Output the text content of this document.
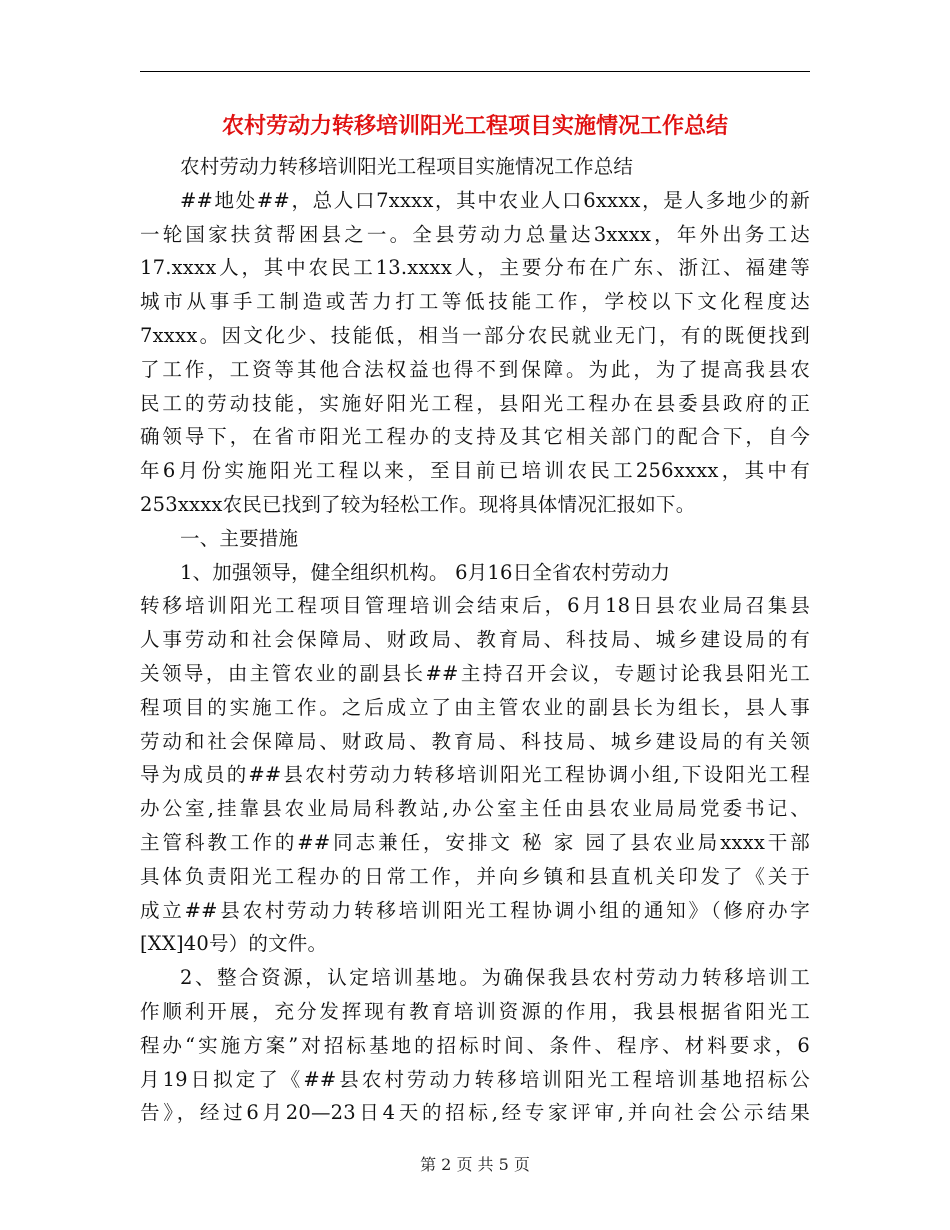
农村劳动力转移培训阳光工程项目实施情况工作总结
农村劳动力转移培训阳光工程项目实施情况工作总结
##地处##，总人口7xxxx，其中农业人口6xxxx，是人多地少的新
一轮国家扶贫帮困县之一。全县劳动力总量达3xxxx，年外出务工达
17.xxxx人，其中农民工13.xxxx人，主要分布在广东、浙江、福建等
城市从事手工制造或苦力打工等低技能工作，学校以下文化程度达
7xxxx。因文化少、技能低，相当一部分农民就业无门，有的既便找到
了工作，工资等其他合法权益也得不到保障。为此，为了提高我县农
民工的劳动技能，实施好阳光工程，县阳光工程办在县委县政府的正
确领导下，在省市阳光工程办的支持及其它相关部门的配合下，自今
年6月份实施阳光工程以来，至目前已培训农民工256xxxx，其中有
253xxxx农民已找到了较为轻松工作。现将具体情况汇报如下。
一、主要措施
1、加强领导，健全组织机构。 6月16日全省农村劳动力
转移培训阳光工程项目管理培训会结束后，6月18日县农业局召集县
人事劳动和社会保障局、财政局、教育局、科技局、城乡建设局的有
关领导，由主管农业的副县长##主持召开会议，专题讨论我县阳光工
程项目的实施工作。之后成立了由主管农业的副县长为组长，县人事
劳动和社会保障局、财政局、教育局、科技局、城乡建设局的有关领
导为成员的##县农村劳动力转移培训阳光工程协调小组,下设阳光工程
办公室,挂靠县农业局局科教站,办公室主任由县农业局局党委书记、
主管科教工作的##同志兼任，安排文 秘 家 园了县农业局xxxx干部
具体负责阳光工程办的日常工作，并向乡镇和县直机关印发了《关于
成立##县农村劳动力转移培训阳光工程协调小组的通知》（修府办字
[XX]40号）的文件。
2、整合资源，认定培训基地。为确保我县农村劳动力转移培训工
作顺利开展，充分发挥现有教育培训资源的作用，我县根据省阳光工
程办“实施方案”对招标基地的招标时间、条件、程序、材料要求，6
月19日拟定了《##县农村劳动力转移培训阳光工程培训基地招标公
告》，经过6月20—23日4天的招标,经专家评审,并向社会公示结果
第 2 页 共 5 页
